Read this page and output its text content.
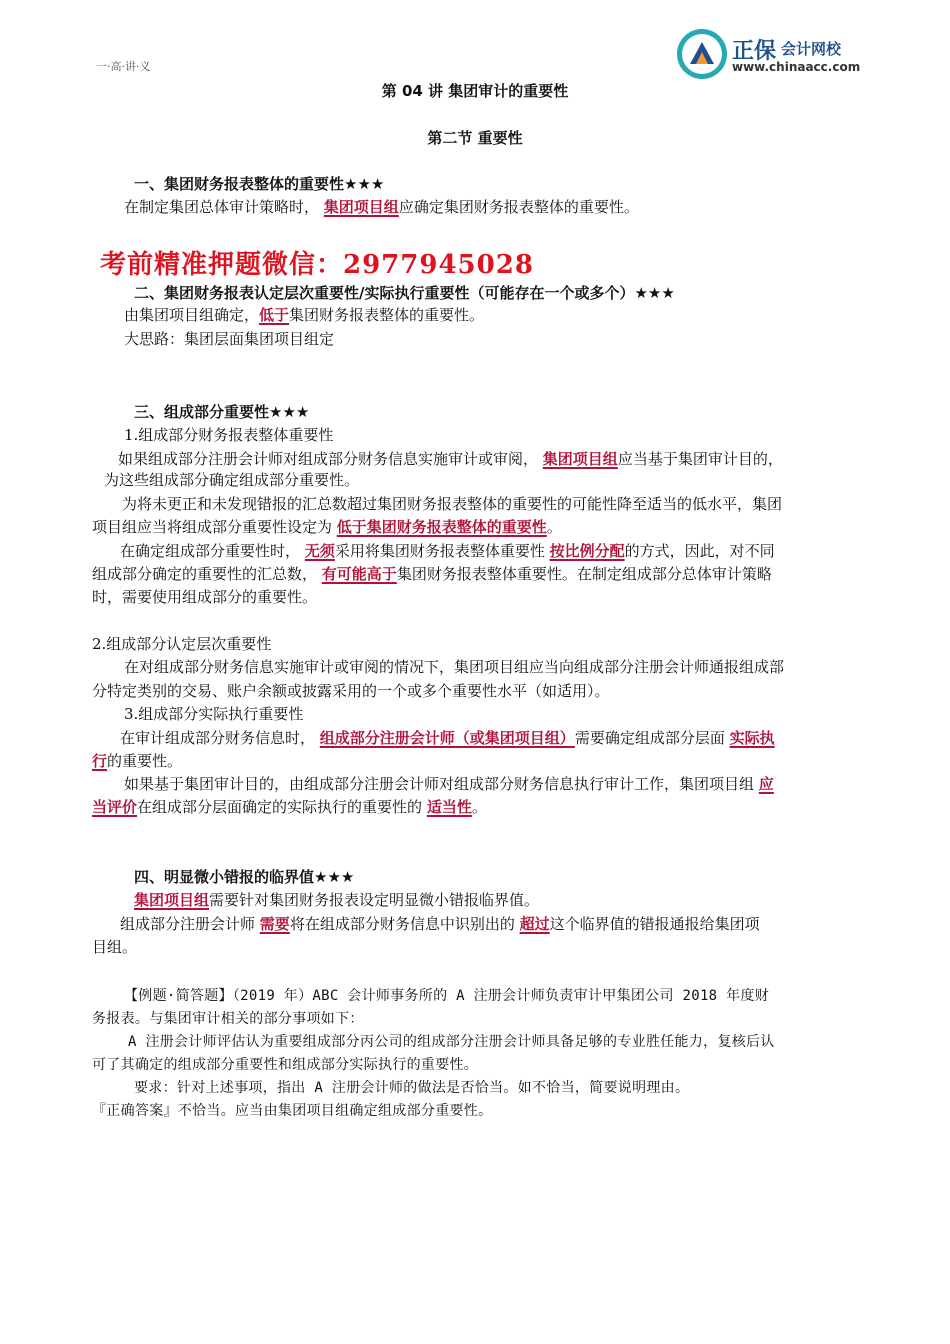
一·高·讲·义
正保 会计网校
www.chinaacc.com
第 04 讲 集团审计的重要性
第二节 重要性
一、集团财务报表整体的重要性★★★

在制定集团总体审计策略时， 集团项目组应确定集团财务报表整体的重要性。

考前精准押题微信：2977945028
二、集团财务报表认定层次重要性/实际执行重要性（可能存在一个或多个）★★★

由集团项目组确定，低于集团财务报表整体的重要性。

大思路：集团层面集团项目组定

三、组成部分重要性★★★

1.组成部分财务报表整体重要性

如果组成部分注册会计师对组成部分财务信息实施审计或审阅， 集团项目组应当基于集团审计目的，

为这些组成部分确定组成部分重要性。

为将未更正和未发现错报的汇总数超过集团财务报表整体的重要性的可能性降至适当的低水平，集团

项目组应当将组成部分重要性设定为 低于集团财务报表整体的重要性。

在确定组成部分重要性时， 无须采用将集团财务报表整体重要性 按比例分配的方式，因此，对不同

组成部分确定的重要性的汇总数， 有可能高于集团财务报表整体重要性。在制定组成部分总体审计策略

时，需要使用组成部分的重要性。

2.组成部分认定层次重要性

在对组成部分财务信息实施审计或审阅的情况下，集团项目组应当向组成部分注册会计师通报组成部

分特定类别的交易、账户余额或披露采用的一个或多个重要性水平（如适用）。

3.组成部分实际执行重要性

在审计组成部分财务信息时， 组成部分注册会计师（或集团项目组）需要确定组成部分层面 实际执

行的重要性。

如果基于集团审计目的，由组成部分注册会计师对组成部分财务信息执行审计工作，集团项目组 应

当评价在组成部分层面确定的实际执行的重要性的 适当性。

四、明显微小错报的临界值★★★

集团项目组需要针对集团财务报表设定明显微小错报临界值。

组成部分注册会计师 需要将在组成部分财务信息中识别出的 超过这个临界值的错报通报给集团项

目组。

【例题·简答题】（2019 年）ABC 会计师事务所的 A 注册会计师负责审计甲集团公司 2018 年度财

务报表。与集团审计相关的部分事项如下：

A 注册会计师评估认为重要组成部分丙公司的组成部分注册会计师具备足够的专业胜任能力，复核后认

可了其确定的组成部分重要性和组成部分实际执行的重要性。

要求：针对上述事项，指出 A 注册会计师的做法是否恰当。如不恰当，简要说明理由。

『正确答案』不恰当。应当由集团项目组确定组成部分重要性。
